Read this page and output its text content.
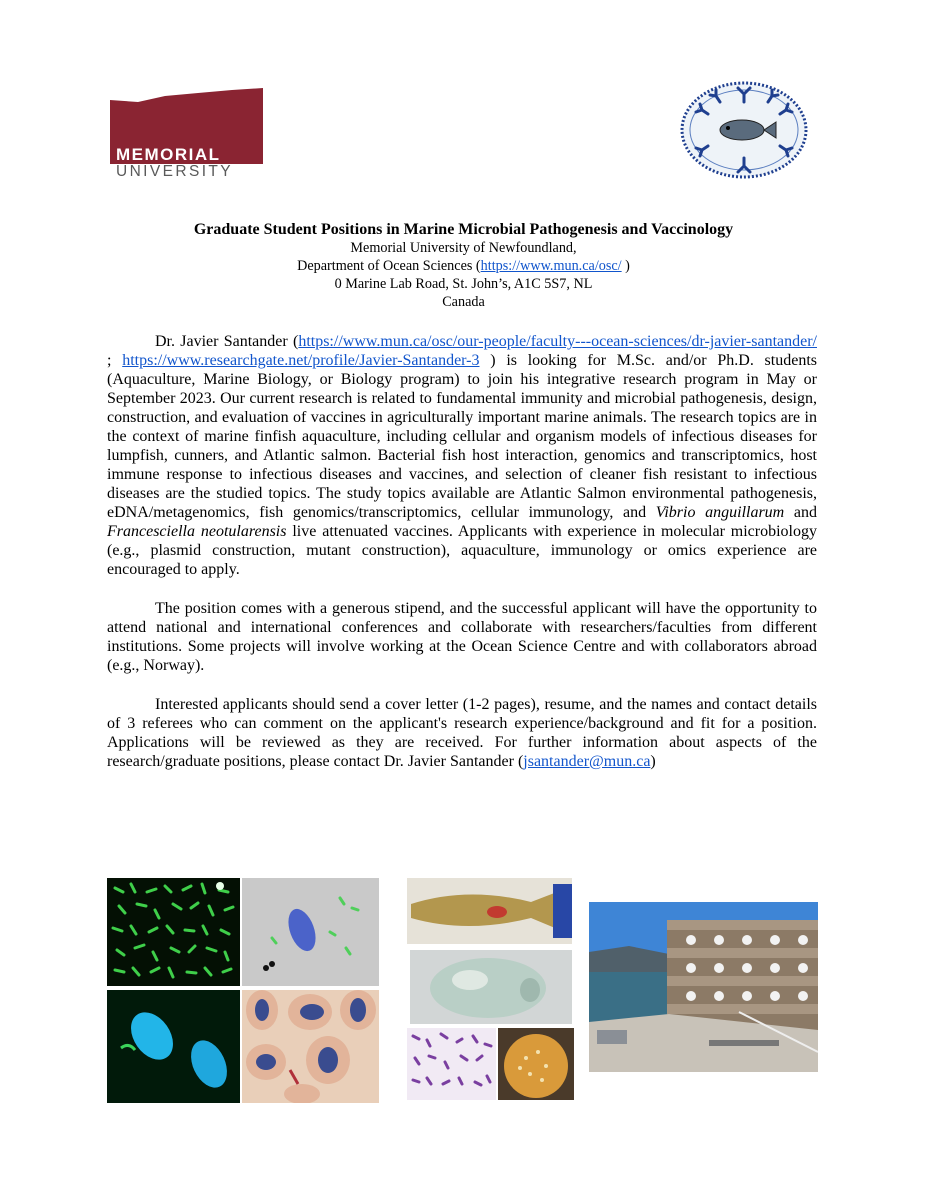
MEMORIAL
UNIVERSITY
Graduate Student Positions in Marine Microbial Pathogenesis and Vaccinology
Memorial University of Newfoundland,
Department of Ocean Sciences (https://www.mun.ca/osc/ )
0 Marine Lab Road, St. John’s, A1C 5S7, NL
Canada

Dr. Javier Santander (https://www.mun.ca/osc/our-people/faculty---ocean-sciences/dr-javier-santander/ ; https://www.researchgate.net/profile/Javier-Santander-3 ) is looking for M.Sc. and/or Ph.D. students (Aquaculture, Marine Biology, or Biology program) to join his integrative research program in May or September 2023. Our current research is related to fundamental immunity and microbial pathogenesis, design, construction, and evaluation of vaccines in agriculturally important marine animals. The research topics are in the context of marine finfish aquaculture, including cellular and organism models of infectious diseases for lumpfish, cunners, and Atlantic salmon. Bacterial fish host interaction, genomics and transcriptomics, host immune response to infectious diseases and vaccines, and selection of cleaner fish resistant to infectious diseases are the studied topics. The study topics available are Atlantic Salmon environmental pathogenesis, eDNA/metagenomics, fish genomics/transcriptomics, cellular immunology, and Vibrio anguillarum and Francesciella neotularensis live attenuated vaccines. Applicants with experience in molecular microbiology (e.g., plasmid construction, mutant construction), aquaculture, immunology or omics experience are encouraged to apply.

The position comes with a generous stipend, and the successful applicant will have the opportunity to attend national and international conferences and collaborate with researchers/faculties from different institutions. Some projects will involve working at the Ocean Science Centre and with collaborators abroad (e.g., Norway).

Interested applicants should send a cover letter (1-2 pages), resume, and the names and contact details of 3 referees who can comment on the applicant's research experience/background and fit for a position. Applications will be reviewed as they are received. For further information about aspects of the research/graduate positions, please contact Dr. Javier Santander (jsantander@mun.ca)
